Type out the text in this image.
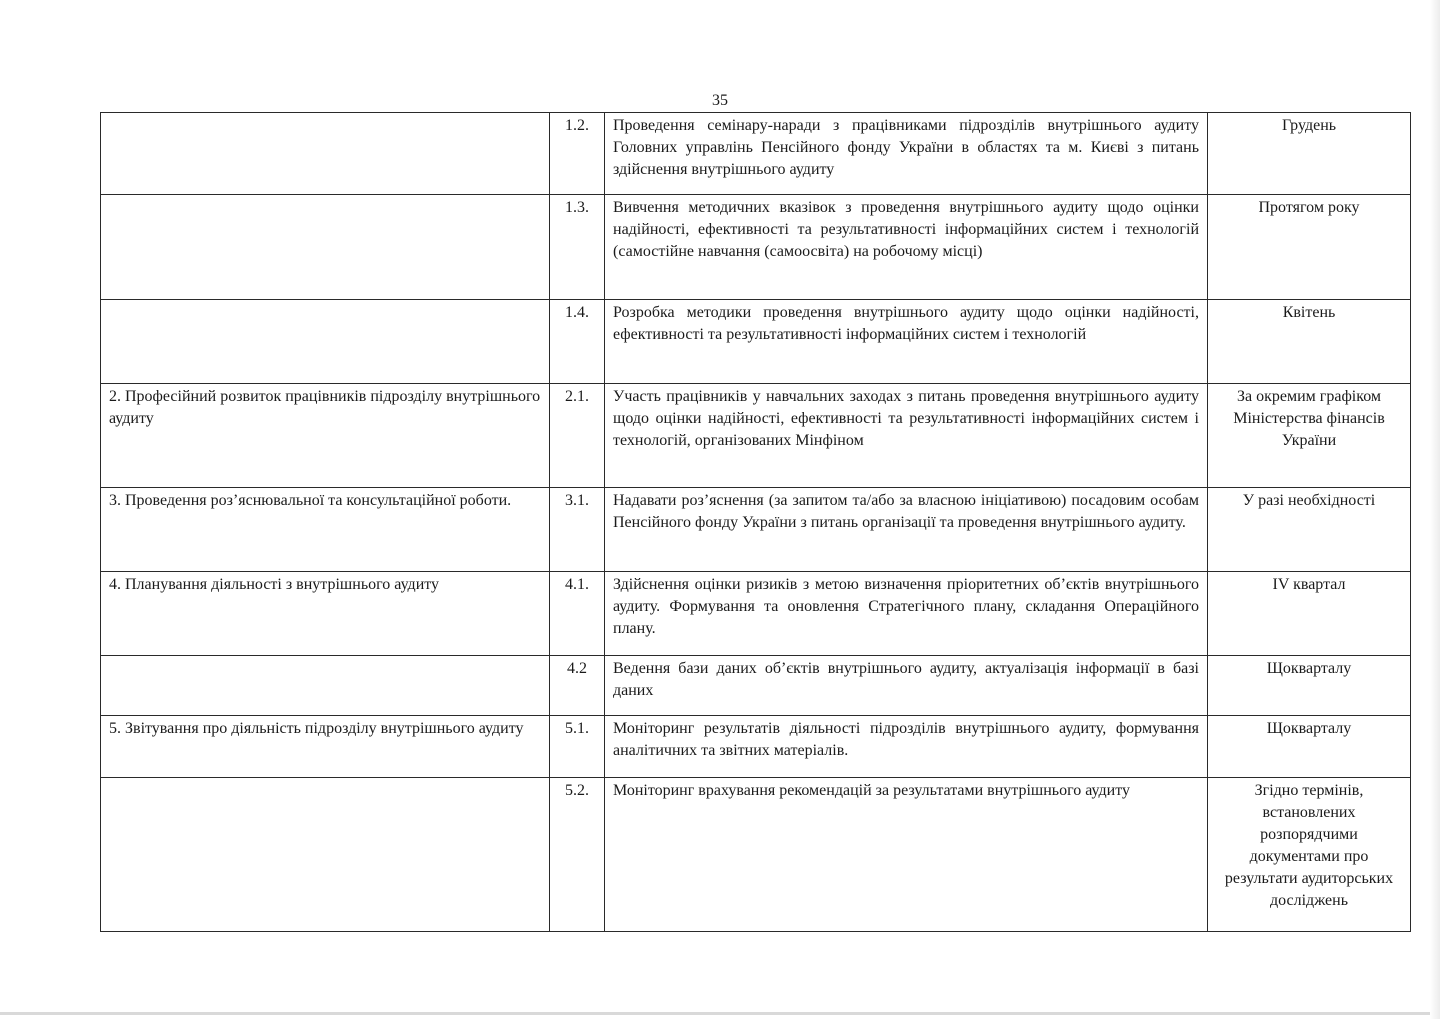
35
	1.2.	Проведення семінару-наради з працівниками підрозділів внутрішнього аудиту Головних управлінь Пенсійного фонду України в областях та м. Києві з питань здійснення внутрішнього аудиту	Грудень
	1.3.	Вивчення методичних вказівок з проведення внутрішнього аудиту щодо оцінки надійності, ефективності та результативності інформаційних систем і технологій (самостійне навчання (самоосвіта) на робочому місці)	Протягом року
	1.4.	Розробка методики проведення внутрішнього аудиту щодо оцінки надійності, ефективності та результативності інформаційних систем і технологій	Квітень
2. Професійний розвиток працівників підрозділу внутрішнього аудиту	2.1.	Участь працівників у навчальних заходах з питань проведення внутрішнього аудиту щодо оцінки надійності, ефективності та результативності інформаційних систем і технологій, організованих Мінфіном	За окремим графіком Міністерства фінансів України
3. Проведення роз’яснювальної та консультаційної роботи.	3.1.	Надавати роз’яснення (за запитом та/або за власною ініціативою) посадовим особам Пенсійного фонду України з питань організації та проведення внутрішнього аудиту.	У разі необхідності
4. Планування діяльності з внутрішнього аудиту	4.1.	Здійснення оцінки ризиків з метою визначення пріоритетних об’єктів внутрішнього аудиту. Формування та оновлення Стратегічного плану, складання Операційного плану.	IV квартал
	4.2	Ведення бази даних об’єктів внутрішнього аудиту, актуалізація інформації в базі даних	Щокварталу
5. Звітування про діяльність підрозділу внутрішнього аудиту	5.1.	Моніторинг результатів діяльності підрозділів внутрішнього аудиту, формування аналітичних та звітних матеріалів.	Щокварталу
	5.2.	Моніторинг врахування рекомендацій за результатами внутрішнього аудиту	Згідно термінів, встановлених розпорядчими документами про результати аудиторських досліджень
